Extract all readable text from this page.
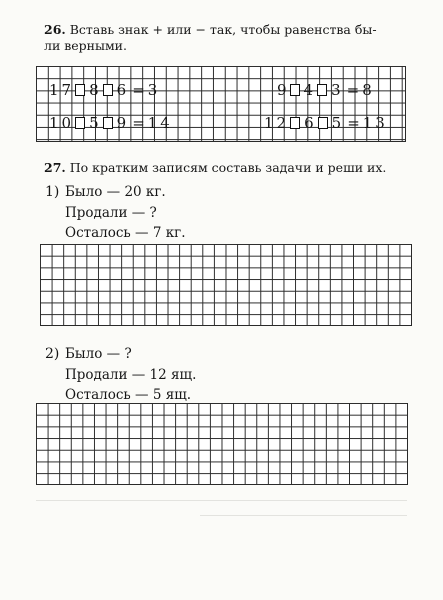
26. Вставь знак + или − так, чтобы равенства бы-
ли верными.
17 8 6 = 3	9 4 3 = 8
10 5 9 = 14	12 6 5 = 13
27. По кратким записям составь задачи и реши их.
1) Было — 20 кг.
Продали — ?
Осталось — 7 кг.
2) Было — ?
Продали — 12 ящ.
Осталось — 5 ящ.
